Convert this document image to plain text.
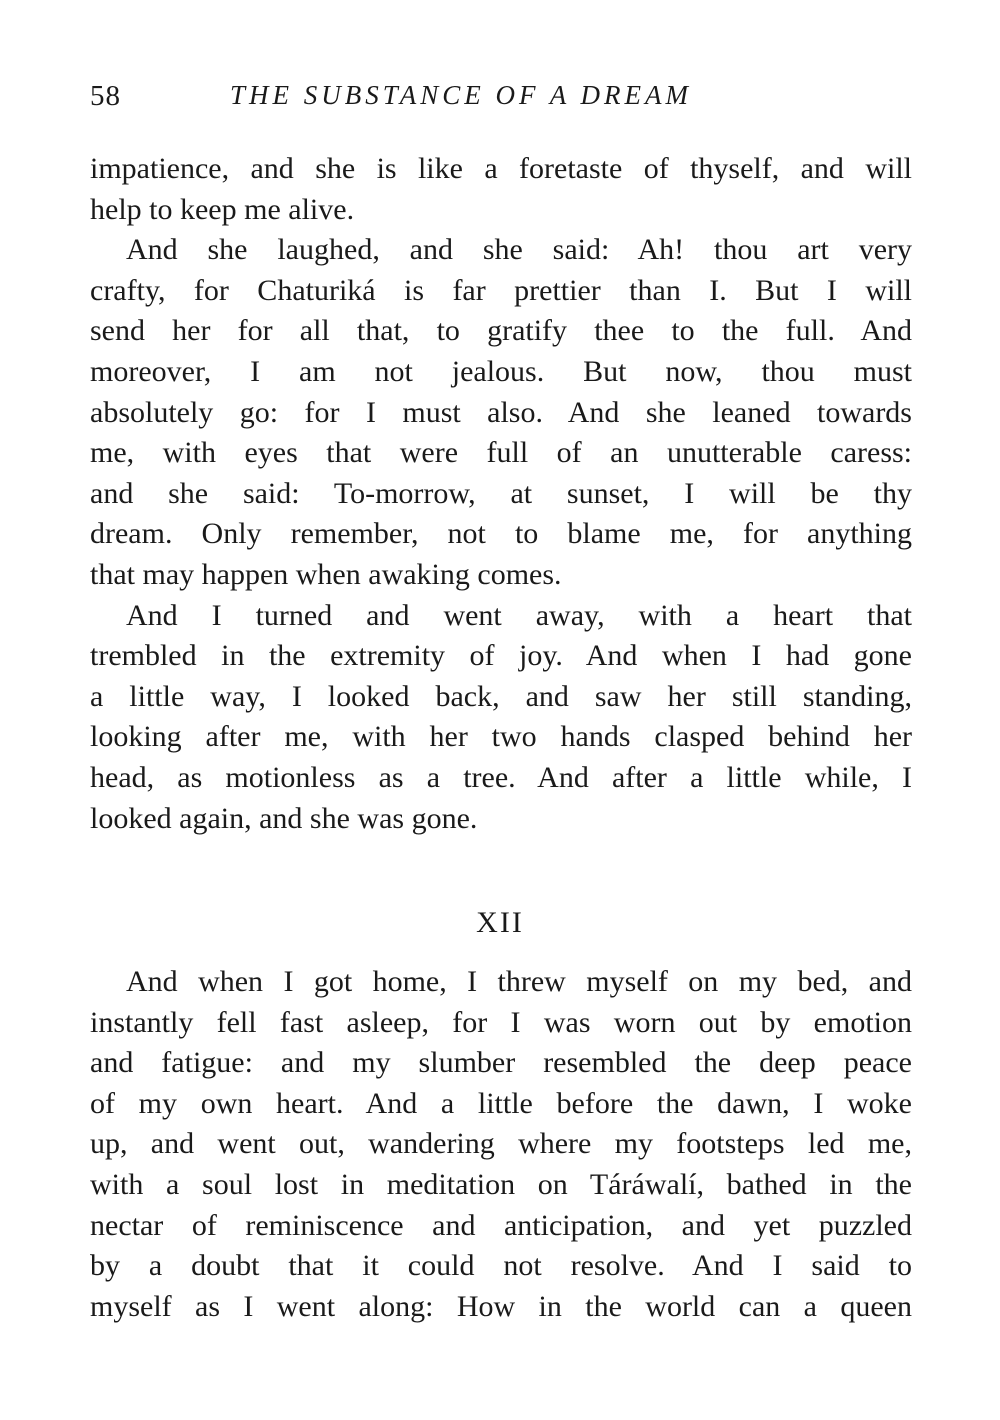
58	THE SUBSTANCE OF A DREAM
impatience, and she is like a foretaste of thyself, and will
help to keep me alive.
And she laughed, and she said: Ah! thou art very
crafty, for Chaturiká is far prettier than I. But I will
send her for all that, to gratify thee to the full. And
moreover, I am not jealous. But now, thou must
absolutely go: for I must also. And she leaned towards
me, with eyes that were full of an unutterable caress:
and she said: To-morrow, at sunset, I will be thy
dream. Only remember, not to blame me, for anything
that may happen when awaking comes.
And I turned and went away, with a heart that
trembled in the extremity of joy. And when I had gone
a little way, I looked back, and saw her still standing,
looking after me, with her two hands clasped behind her
head, as motionless as a tree. And after a little while, I
looked again, and she was gone.
XII
And when I got home, I threw myself on my bed, and
instantly fell fast asleep, for I was worn out by emotion
and fatigue: and my slumber resembled the deep peace
of my own heart. And a little before the dawn, I woke
up, and went out, wandering where my footsteps led me,
with a soul lost in meditation on Táráwalí, bathed in the
nectar of reminiscence and anticipation, and yet puzzled
by a doubt that it could not resolve. And I said to
myself as I went along: How in the world can a queen
